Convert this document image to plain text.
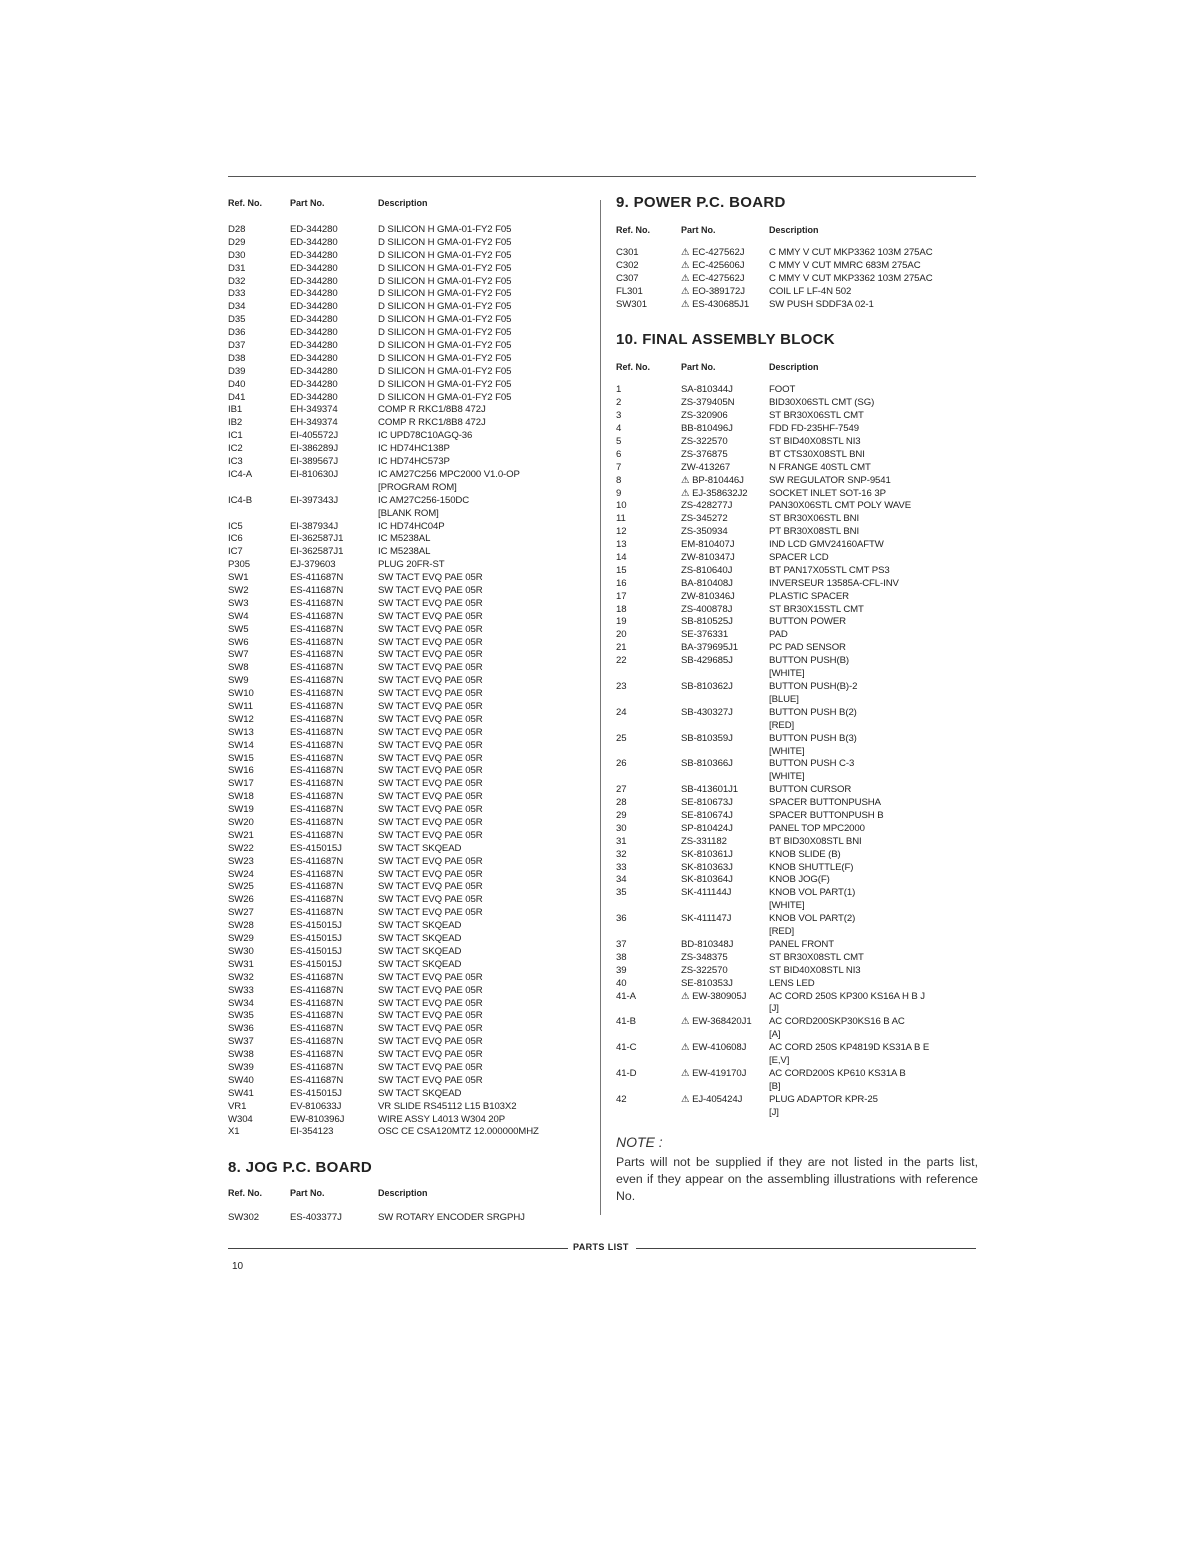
Ref. No.	Part No.	Description
D28	ED-344280	D SILICON H GMA-01-FY2 F05
D29	ED-344280	D SILICON H GMA-01-FY2 F05
D30	ED-344280	D SILICON H GMA-01-FY2 F05
D31	ED-344280	D SILICON H GMA-01-FY2 F05
D32	ED-344280	D SILICON H GMA-01-FY2 F05
D33	ED-344280	D SILICON H GMA-01-FY2 F05
D34	ED-344280	D SILICON H GMA-01-FY2 F05
D35	ED-344280	D SILICON H GMA-01-FY2 F05
D36	ED-344280	D SILICON H GMA-01-FY2 F05
D37	ED-344280	D SILICON H GMA-01-FY2 F05
D38	ED-344280	D SILICON H GMA-01-FY2 F05
D39	ED-344280	D SILICON H GMA-01-FY2 F05
D40	ED-344280	D SILICON H GMA-01-FY2 F05
D41	ED-344280	D SILICON H GMA-01-FY2 F05
IB1	EH-349374	COMP R RKC1/8B8 472J
IB2	EH-349374	COMP R RKC1/8B8 472J
IC1	EI-405572J	IC UPD78C10AGQ-36
IC2	EI-386289J	IC HD74HC138P
IC3	EI-389567J	IC HD74HC573P
IC4-A	EI-810630J	IC AM27C256 MPC2000 V1.0-OP
[PROGRAM ROM]
IC4-B	EI-397343J	IC AM27C256-150DC
[BLANK ROM]
IC5	EI-387934J	IC HD74HC04P
IC6	EI-362587J1	IC M5238AL
IC7	EI-362587J1	IC M5238AL
P305	EJ-379603	PLUG 20FR-ST
SW1	ES-411687N	SW TACT EVQ PAE 05R
SW2	ES-411687N	SW TACT EVQ PAE 05R
SW3	ES-411687N	SW TACT EVQ PAE 05R
SW4	ES-411687N	SW TACT EVQ PAE 05R
SW5	ES-411687N	SW TACT EVQ PAE 05R
SW6	ES-411687N	SW TACT EVQ PAE 05R
SW7	ES-411687N	SW TACT EVQ PAE 05R
SW8	ES-411687N	SW TACT EVQ PAE 05R
SW9	ES-411687N	SW TACT EVQ PAE 05R
SW10	ES-411687N	SW TACT EVQ PAE 05R
SW11	ES-411687N	SW TACT EVQ PAE 05R
SW12	ES-411687N	SW TACT EVQ PAE 05R
SW13	ES-411687N	SW TACT EVQ PAE 05R
SW14	ES-411687N	SW TACT EVQ PAE 05R
SW15	ES-411687N	SW TACT EVQ PAE 05R
SW16	ES-411687N	SW TACT EVQ PAE 05R
SW17	ES-411687N	SW TACT EVQ PAE 05R
SW18	ES-411687N	SW TACT EVQ PAE 05R
SW19	ES-411687N	SW TACT EVQ PAE 05R
SW20	ES-411687N	SW TACT EVQ PAE 05R
SW21	ES-411687N	SW TACT EVQ PAE 05R
SW22	ES-415015J	SW TACT SKQEAD
SW23	ES-411687N	SW TACT EVQ PAE 05R
SW24	ES-411687N	SW TACT EVQ PAE 05R
SW25	ES-411687N	SW TACT EVQ PAE 05R
SW26	ES-411687N	SW TACT EVQ PAE 05R
SW27	ES-411687N	SW TACT EVQ PAE 05R
SW28	ES-415015J	SW TACT SKQEAD
SW29	ES-415015J	SW TACT SKQEAD
SW30	ES-415015J	SW TACT SKQEAD
SW31	ES-415015J	SW TACT SKQEAD
SW32	ES-411687N	SW TACT EVQ PAE 05R
SW33	ES-411687N	SW TACT EVQ PAE 05R
SW34	ES-411687N	SW TACT EVQ PAE 05R
SW35	ES-411687N	SW TACT EVQ PAE 05R
SW36	ES-411687N	SW TACT EVQ PAE 05R
SW37	ES-411687N	SW TACT EVQ PAE 05R
SW38	ES-411687N	SW TACT EVQ PAE 05R
SW39	ES-411687N	SW TACT EVQ PAE 05R
SW40	ES-411687N	SW TACT EVQ PAE 05R
SW41	ES-415015J	SW TACT SKQEAD
VR1	EV-810633J	VR SLIDE RS45112 L15 B103X2
W304	EW-810396J	WIRE ASSY L4013 W304 20P
X1	EI-354123	OSC CE CSA120MTZ 12.000000MHZ
8. JOG P.C. BOARD
Ref. No.	Part No.	Description
SW302	ES-403377J	SW ROTARY ENCODER SRGPHJ
9. POWER P.C. BOARD
Ref. No.	Part No.	Description
C301	⚠ EC-427562J	C MMY V CUT MKP3362 103M 275AC
C302	⚠ EC-425606J	C MMY V CUT MMRC 683M 275AC
C307	⚠ EC-427562J	C MMY V CUT MKP3362 103M 275AC
FL301	⚠ EO-389172J	COIL LF LF-4N 502
SW301	⚠ ES-430685J1	SW PUSH SDDF3A 02-1
10. FINAL ASSEMBLY BLOCK
Ref. No.	Part No.	Description
1	SA-810344J	FOOT
2	ZS-379405N	BID30X06STL CMT (SG)
3	ZS-320906	ST BR30X06STL CMT
4	BB-810496J	FDD FD-235HF-7549
5	ZS-322570	ST BID40X08STL NI3
6	ZS-376875	BT CTS30X08STL BNI
7	ZW-413267	N FRANGE 40STL CMT
8	⚠ BP-810446J	SW REGULATOR SNP-9541
9	⚠ EJ-358632J2	SOCKET INLET SOT-16 3P
10	ZS-428277J	PAN30X06STL CMT POLY WAVE
11	ZS-345272	ST BR30X06STL BNI
12	ZS-350934	PT BR30X08STL BNI
13	EM-810407J	IND LCD GMV24160AFTW
14	ZW-810347J	SPACER LCD
15	ZS-810640J	BT PAN17X05STL CMT PS3
16	BA-810408J	INVERSEUR 13585A-CFL-INV
17	ZW-810346J	PLASTIC SPACER
18	ZS-400878J	ST BR30X15STL CMT
19	SB-810525J	BUTTON POWER
20	SE-376331	PAD
21	BA-379695J1	PC PAD SENSOR
22	SB-429685J	BUTTON PUSH(B)
[WHITE]
23	SB-810362J	BUTTON PUSH(B)-2
[BLUE]
24	SB-430327J	BUTTON PUSH B(2)
[RED]
25	SB-810359J	BUTTON PUSH B(3)
[WHITE]
26	SB-810366J	BUTTON PUSH C-3
[WHITE]
27	SB-413601J1	BUTTON CURSOR
28	SE-810673J	SPACER BUTTONPUSHA
29	SE-810674J	SPACER BUTTONPUSH B
30	SP-810424J	PANEL TOP MPC2000
31	ZS-331182	BT BID30X08STL BNI
32	SK-810361J	KNOB SLIDE (B)
33	SK-810363J	KNOB SHUTTLE(F)
34	SK-810364J	KNOB JOG(F)
35	SK-411144J	KNOB VOL PART(1)
[WHITE]
36	SK-411147J	KNOB VOL PART(2)
[RED]
37	BD-810348J	PANEL FRONT
38	ZS-348375	ST BR30X08STL CMT
39	ZS-322570	ST BID40X08STL NI3
40	SE-810353J	LENS LED
41-A	⚠ EW-380905J	AC CORD 250S KP300 KS16A H B J
[J]
41-B	⚠ EW-368420J1	AC CORD200SKP30KS16 B AC
[A]
41-C	⚠ EW-410608J	AC CORD 250S KP4819D KS31A B E
[E,V]
41-D	⚠ EW-419170J	AC CORD200S KP610 KS31A B
[B]
42	⚠ EJ-405424J	PLUG ADAPTOR KPR-25
[J]
NOTE :
Parts will not be supplied if they are not listed in the parts list, even if they appear on the assembling illustrations with reference No.
PARTS LIST
10
